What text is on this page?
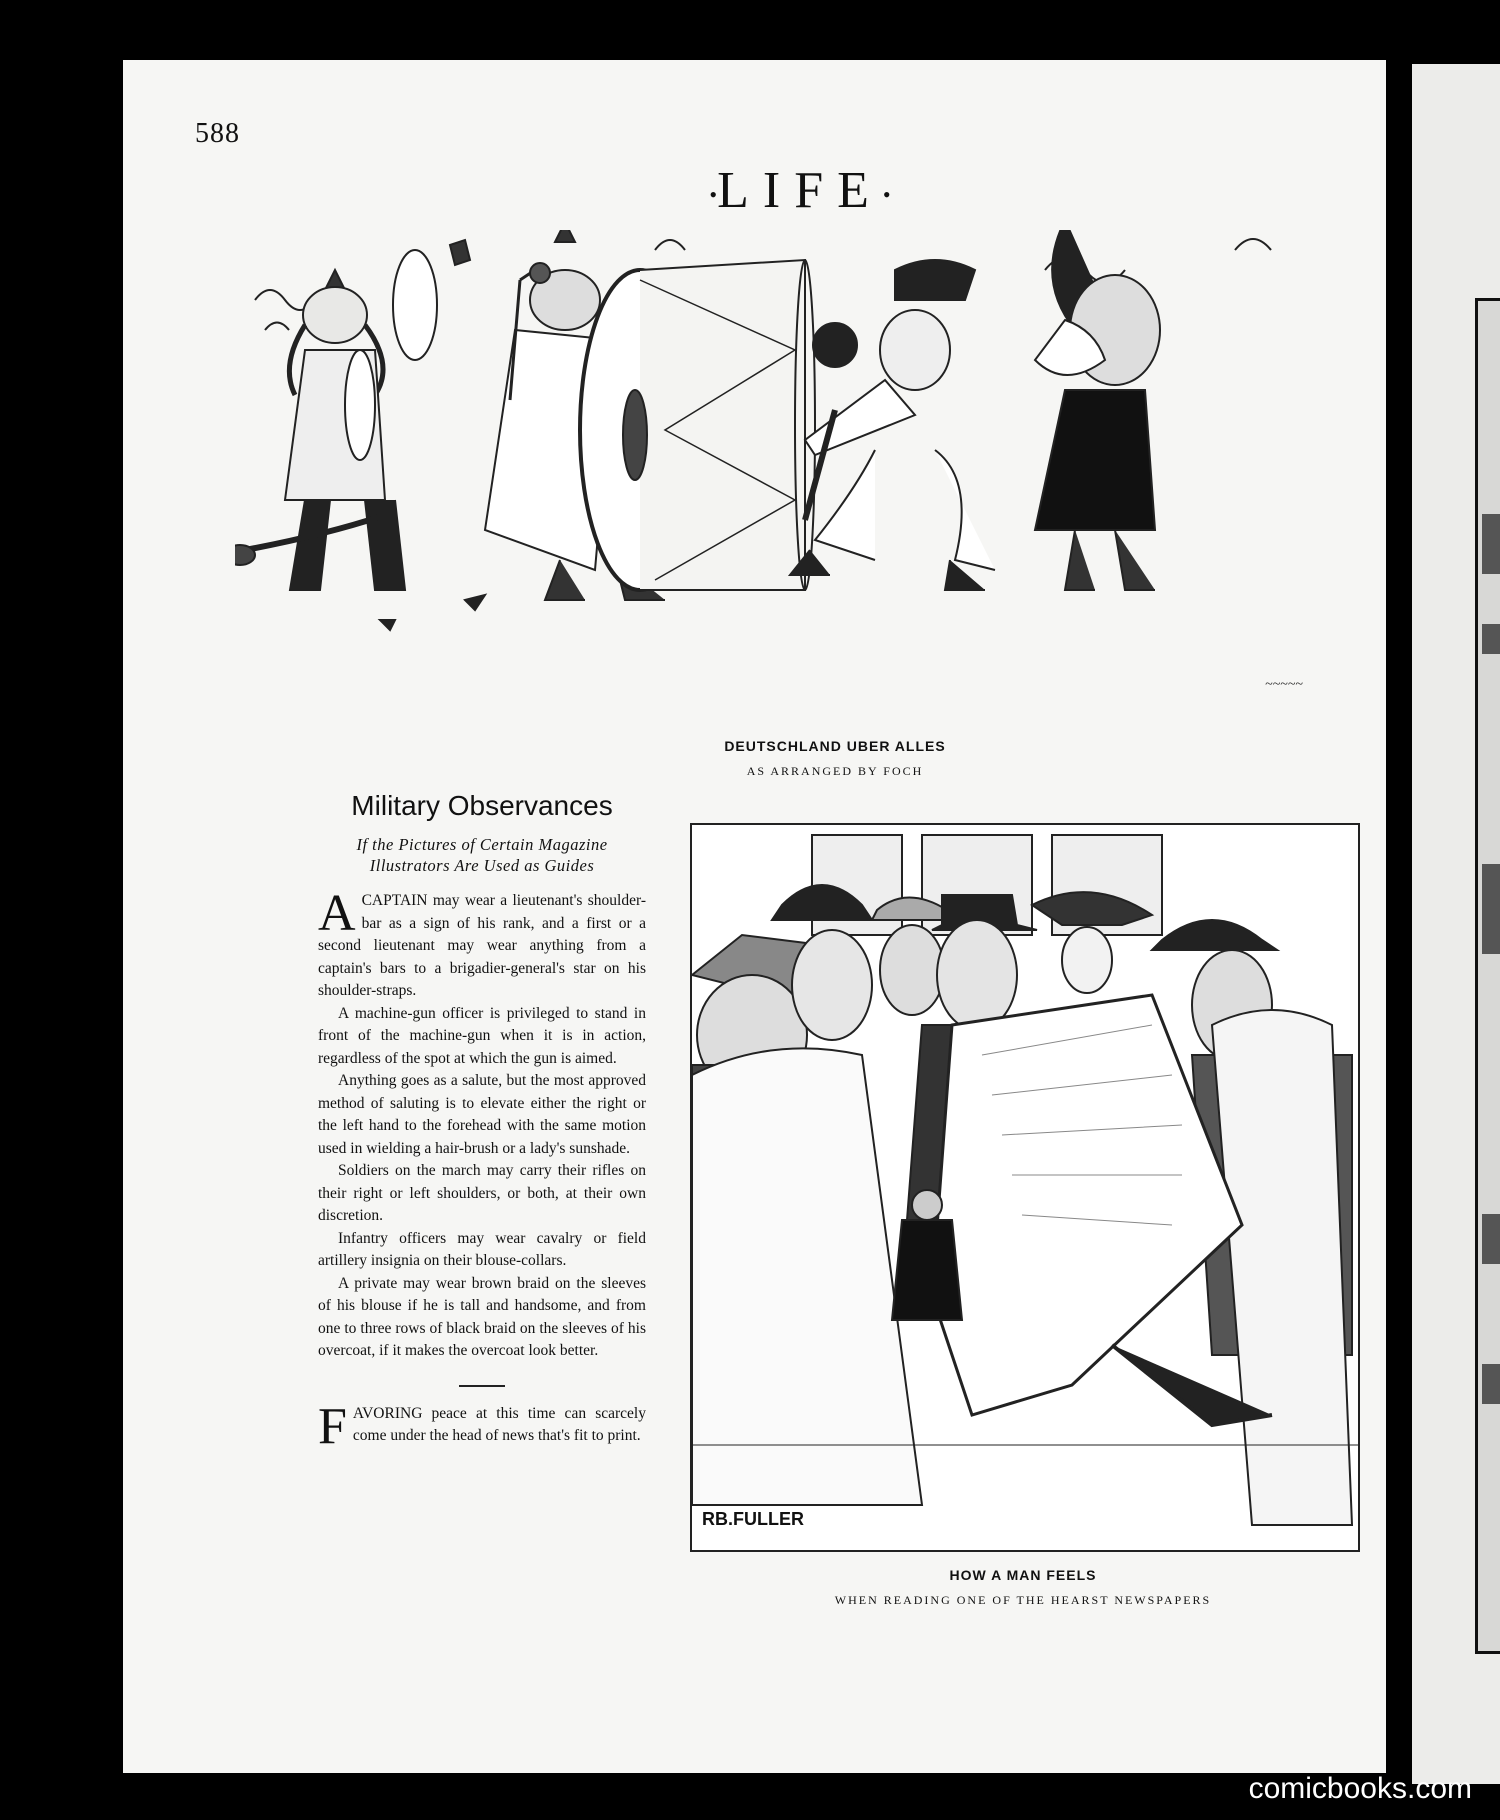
588
•LIFE•
~~~~~
DEUTSCHLAND UBER ALLES
AS ARRANGED BY FOCH
Military Observances
If the Pictures of Certain Magazine
Illustrators Are Used as Guides

ACAPTAIN may wear a lieutenant's shoulder-bar as a sign of his rank, and a first or a second lieutenant may wear anything from a captain's bars to a brigadier-general's star on his shoulder-straps.

A machine-gun officer is privileged to stand in front of the machine-gun when it is in action, regardless of the spot at which the gun is aimed.

Anything goes as a salute, but the most approved method of saluting is to elevate either the right or the left hand to the forehead with the same motion used in wielding a hair-brush or a lady's sunshade.

Soldiers on the march may carry their rifles on their right or left shoulders, or both, at their own discretion.

Infantry officers may wear cavalry or field artillery insignia on their blouse-collars.

A private may wear brown braid on the sleeves of his blouse if he is tall and handsome, and from one to three rows of black braid on the sleeves of his overcoat, if it makes the overcoat look better.

FAVORING peace at this time can scarcely come under the head of news that's fit to print.

RB.FULLER
HOW A MAN FEELS
WHEN READING ONE OF THE HEARST NEWSPAPERS
comicbooks.com
